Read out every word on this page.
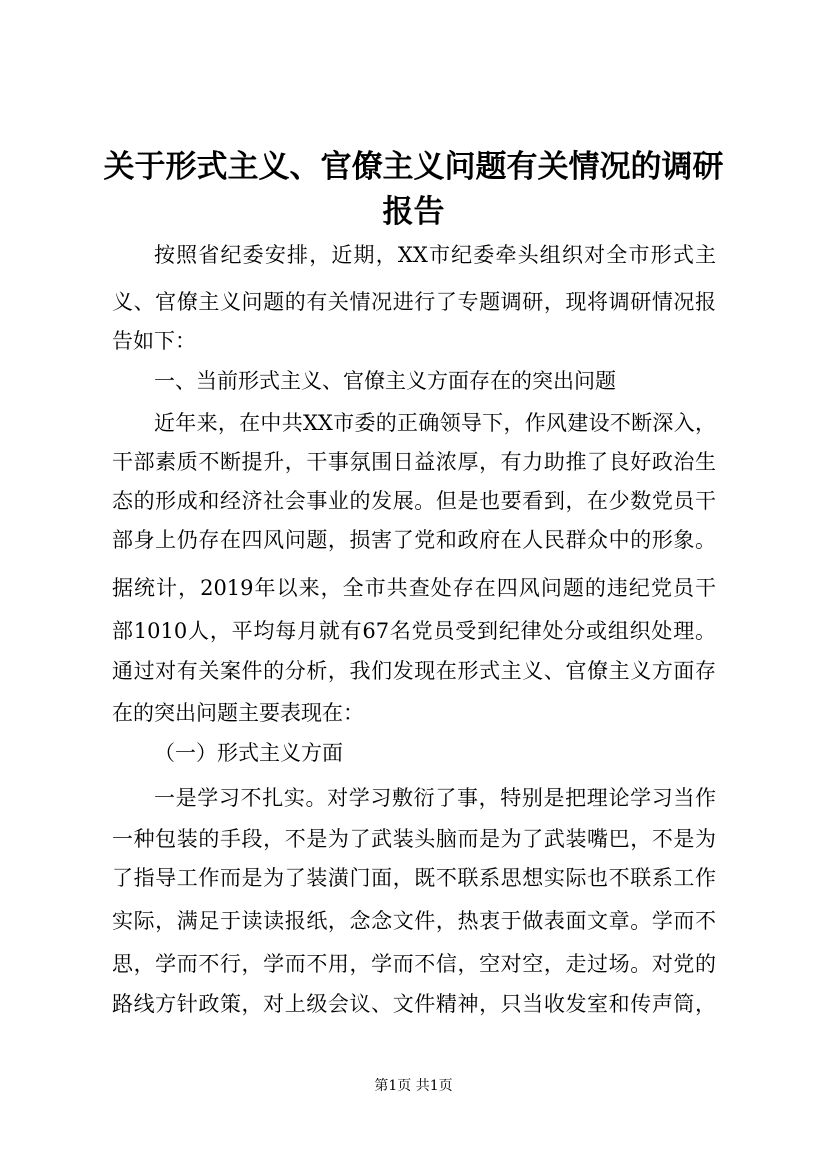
关于形式主义、官僚主义问题有关情况的调研
报告
按照省纪委安排，近期，XX市纪委牵头组织对全市形式主
义、官僚主义问题的有关情况进行了专题调研，现将调研情况报
告如下：
一、当前形式主义、官僚主义方面存在的突出问题
近年来，在中共XX市委的正确领导下，作风建设不断深入，
干部素质不断提升，干事氛围日益浓厚，有力助推了良好政治生
态的形成和经济社会事业的发展。但是也要看到，在少数党员干
部身上仍存在四风问题，损害了党和政府在人民群众中的形象。
据统计，2019年以来，全市共查处存在四风问题的违纪党员干
部1010人，平均每月就有67名党员受到纪律处分或组织处理。
通过对有关案件的分析，我们发现在形式主义、官僚主义方面存
在的突出问题主要表现在：
（一）形式主义方面
一是学习不扎实。对学习敷衍了事，特别是把理论学习当作
一种包装的手段，不是为了武装头脑而是为了武装嘴巴，不是为
了指导工作而是为了装潢门面，既不联系思想实际也不联系工作
实际，满足于读读报纸，念念文件，热衷于做表面文章。学而不
思，学而不行，学而不用，学而不信，空对空，走过场。对党的
路线方针政策，对上级会议、文件精神，只当收发室和传声筒，
第1页 共1页
